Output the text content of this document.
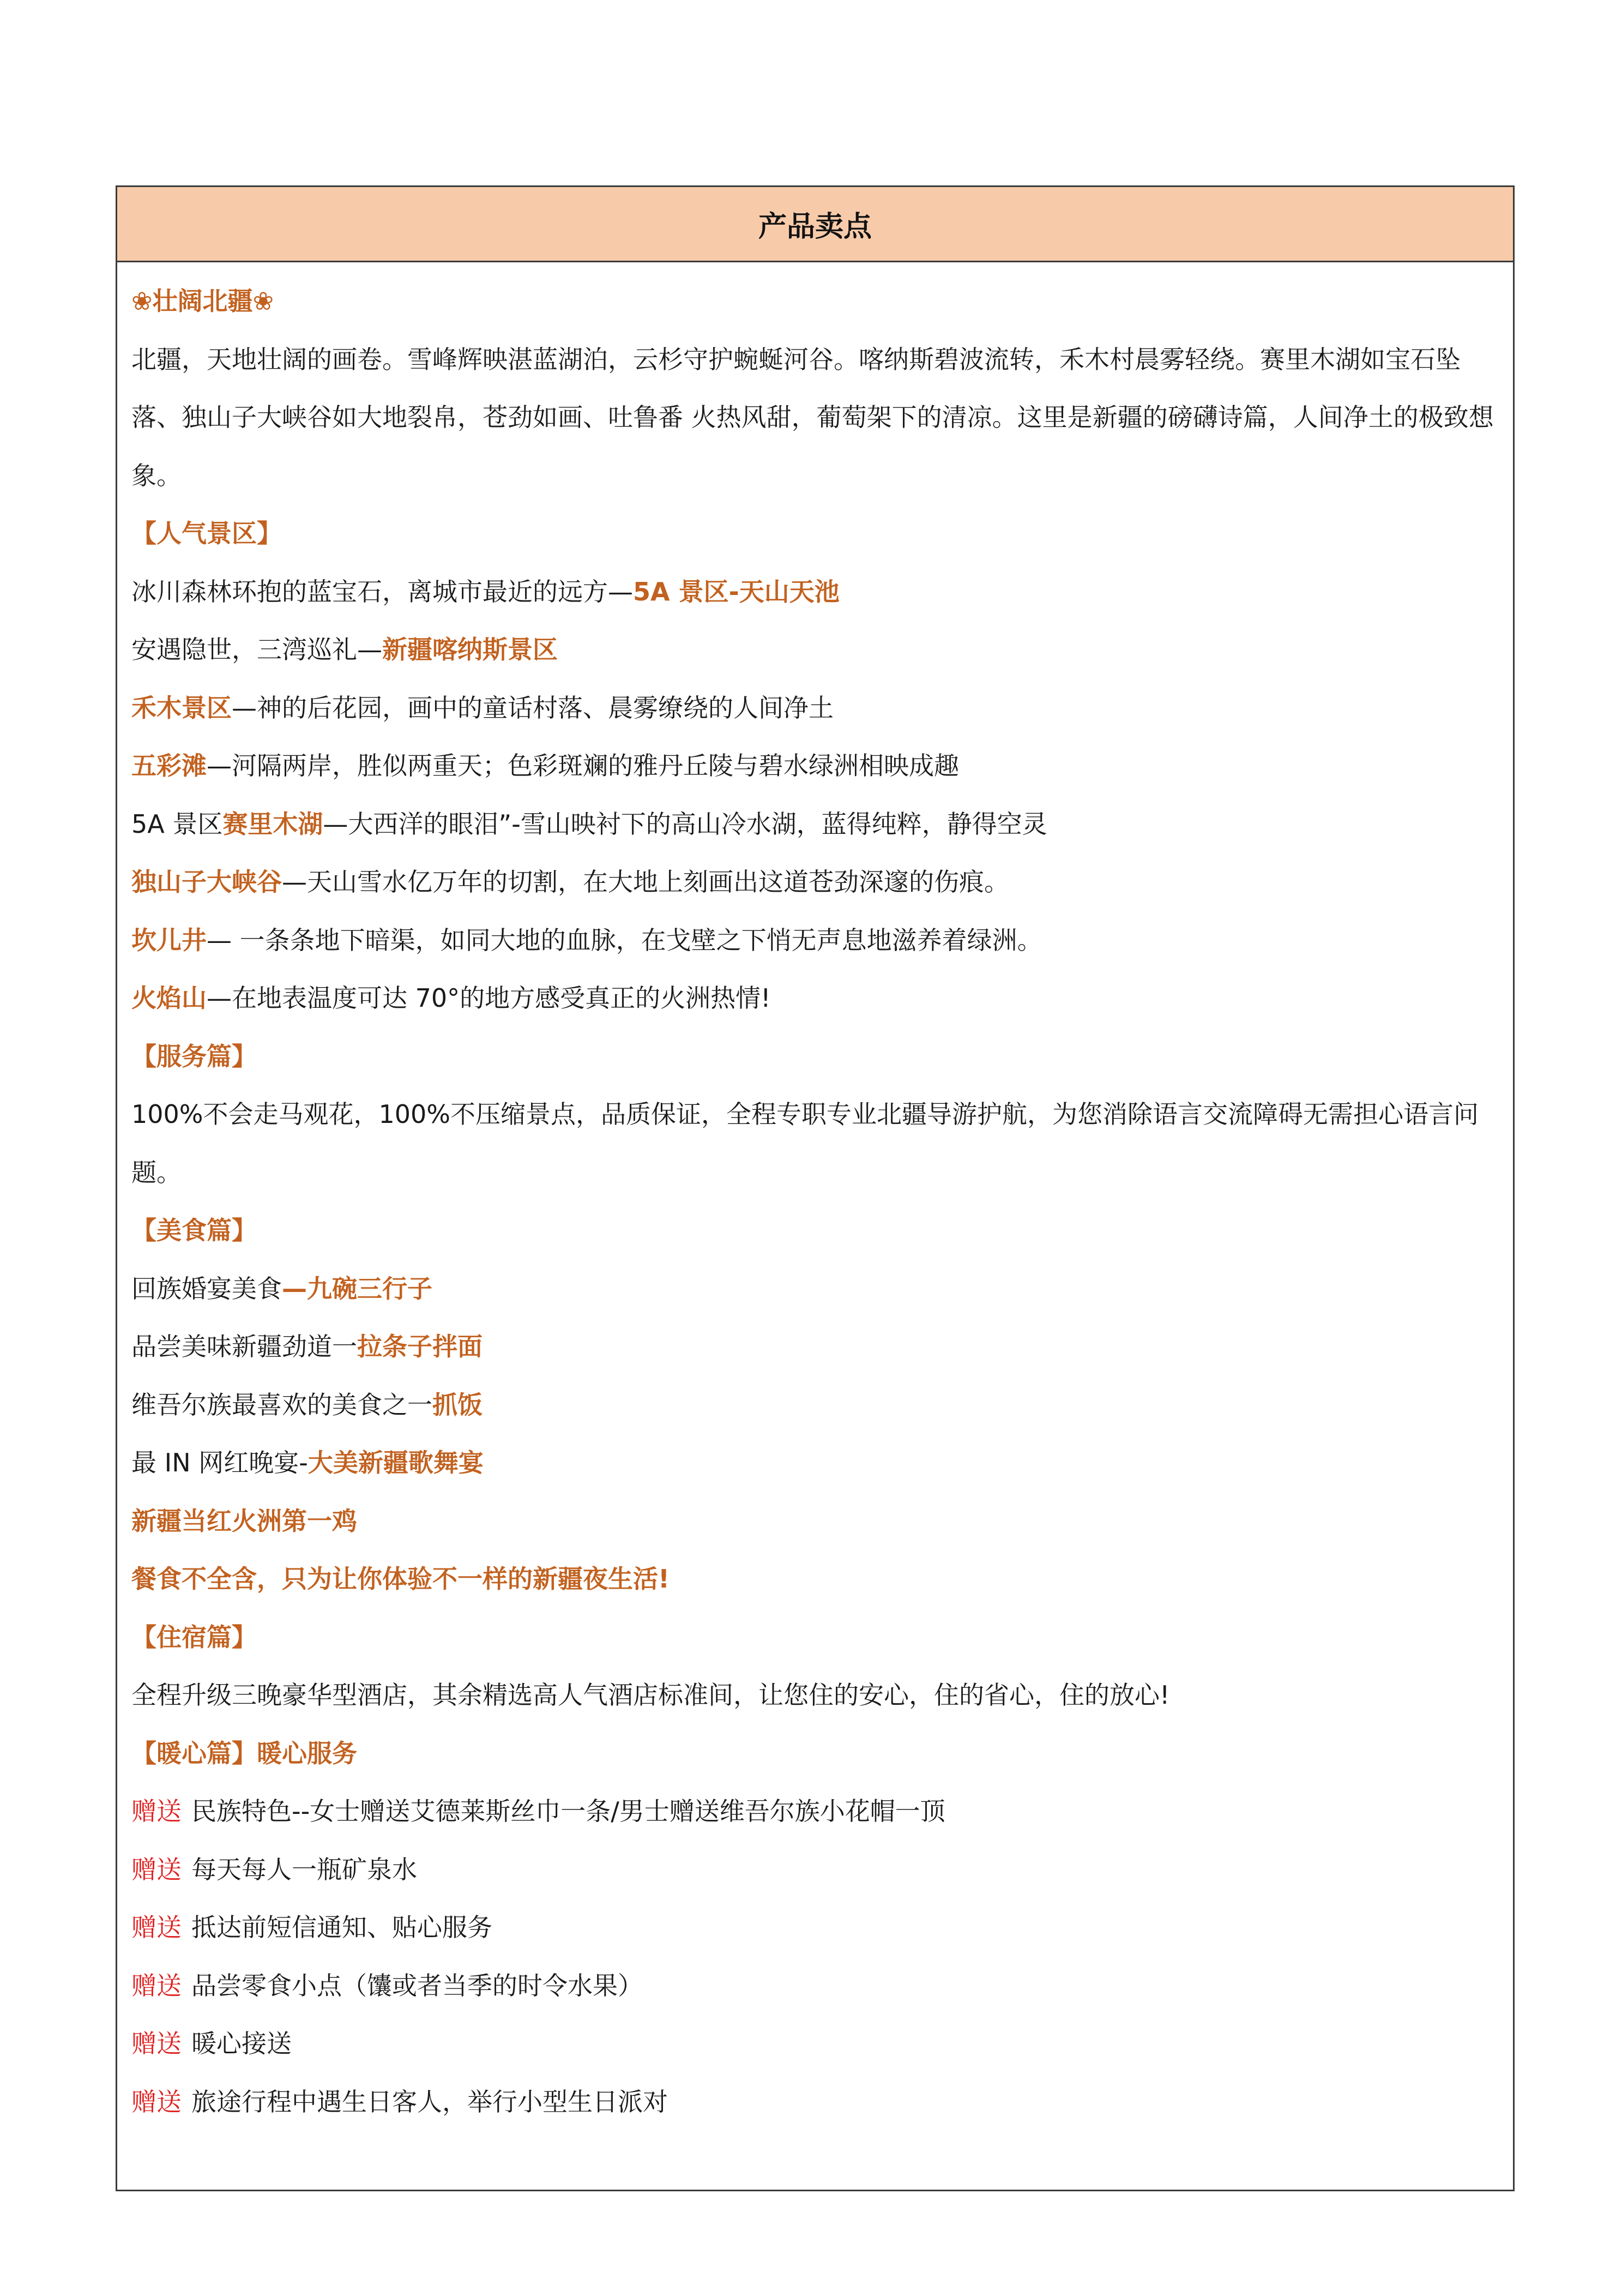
产品卖点
❀壮阔北疆❀
北疆，天地壮阔的画卷。雪峰辉映湛蓝湖泊，云杉守护蜿蜒河谷。喀纳斯碧波流转，禾木村晨雾轻绕。赛里木湖如宝石坠落、独山子大峡谷如大地裂帛，苍劲如画、吐鲁番 火热风甜，葡萄架下的清凉。这里是新疆的磅礴诗篇，人间净土的极致想象。
【人气景区】
冰川森林环抱的蓝宝石，离城市最近的远方—5A 景区-天山天池
安遇隐世，三湾巡礼—新疆喀纳斯景区
禾木景区—神的后花园，画中的童话村落、晨雾缭绕的人间净土
五彩滩—河隔两岸，胜似两重天；色彩斑斓的雅丹丘陵与碧水绿洲相映成趣
5A 景区赛里木湖—大西洋的眼泪”-雪山映衬下的高山冷水湖，蓝得纯粹，静得空灵
独山子大峡谷—天山雪水亿万年的切割，在大地上刻画出这道苍劲深邃的伤痕。
坎儿井— 一条条地下暗渠，如同大地的血脉，在戈壁之下悄无声息地滋养着绿洲。
火焰山—在地表温度可达 70°的地方感受真正的火洲热情!
【服务篇】
100%不会走马观花，100%不压缩景点，品质保证，全程专职专业北疆导游护航，为您消除语言交流障碍无需担心语言问题。
【美食篇】
回族婚宴美食—九碗三行子
品尝美味新疆劲道一拉条子拌面
维吾尔族最喜欢的美食之一抓饭
最 IN 网红晚宴-大美新疆歌舞宴
新疆当红火洲第一鸡
餐食不全含，只为让你体验不一样的新疆夜生活!
【住宿篇】
全程升级三晚豪华型酒店，其余精选高人气酒店标准间，让您住的安心，住的省心，住的放心!
【暖心篇】暖心服务
赠送 民族特色--女士赠送艾德莱斯丝巾一条/男士赠送维吾尔族小花帽一顶
赠送 每天每人一瓶矿泉水
赠送 抵达前短信通知、贴心服务
赠送 品尝零食小点（馕或者当季的时令水果）
赠送 暖心接送
赠送 旅途行程中遇生日客人，举行小型生日派对
